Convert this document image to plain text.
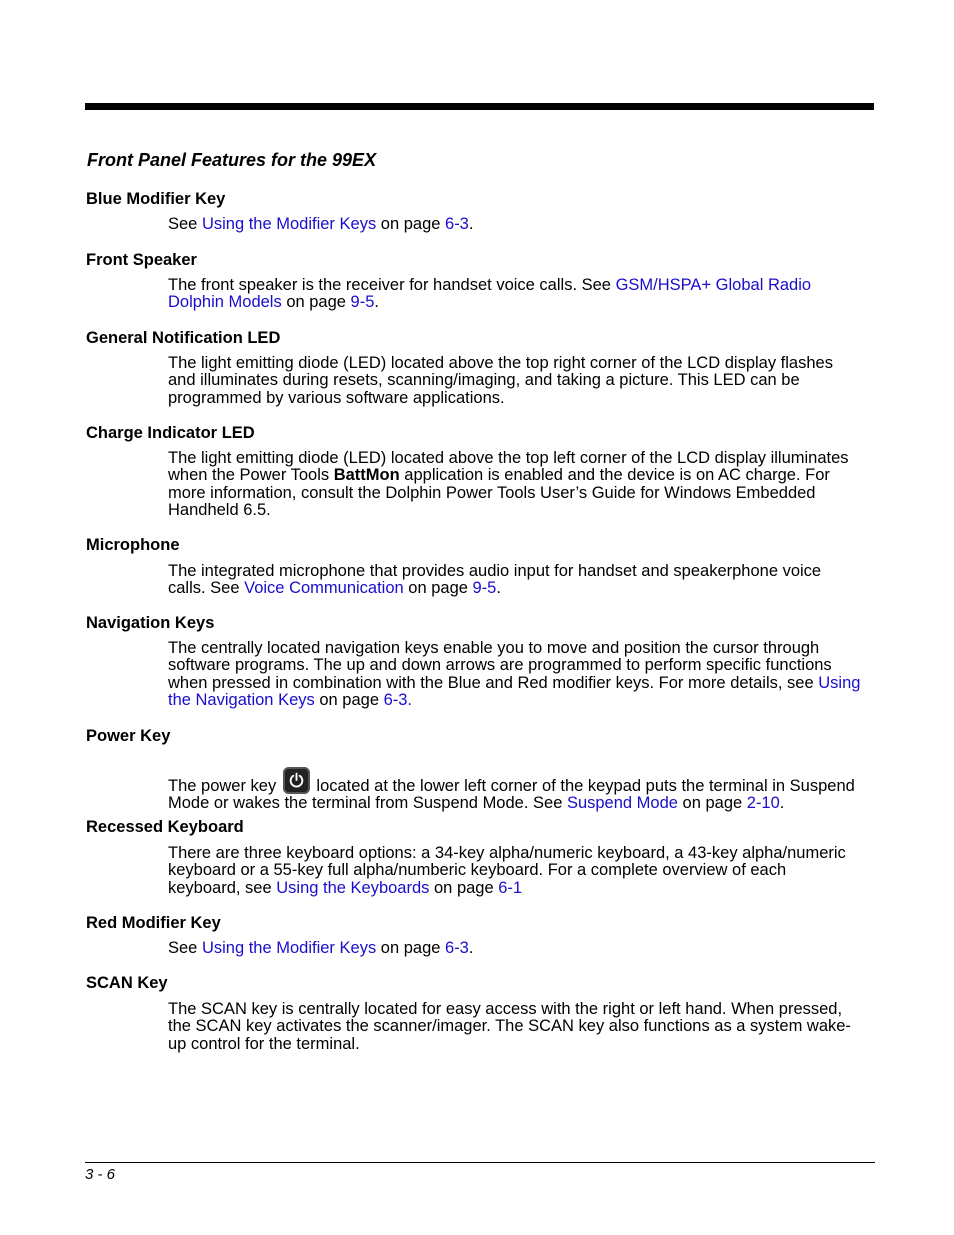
Front Panel Features for the 99EX
Blue Modifier Key

See Using the Modifier Keys on page 6-3.

Front Speaker

The front speaker is the receiver for handset voice calls. See GSM/HSPA+ Global Radio
Dolphin Models on page 9-5.

General Notification LED

The light emitting diode (LED) located above the top right corner of the LCD display flashes
and illuminates during resets, scanning/imaging, and taking a picture. This LED can be
programmed by various software applications.

Charge Indicator LED

The light emitting diode (LED) located above the top left corner of the LCD display illuminates
when the Power Tools BattMon application is enabled and the device is on AC charge. For
more information, consult the Dolphin Power Tools User’s Guide for Windows Embedded
Handheld 6.5.

Microphone

The integrated microphone that provides audio input for handset and speakerphone voice
calls. See Voice Communication on page 9-5.

Navigation Keys

The centrally located navigation keys enable you to move and position the cursor through
software programs. The up and down arrows are programmed to perform specific functions
when pressed in combination with the Blue and Red modifier keys. For more details, see Using
the Navigation Keys on page 6-3.

Power Key

The power key
located at the lower left corner of the keypad puts the terminal in Suspend
Mode or wakes the terminal from Suspend Mode. See Suspend Mode on page 2-10.

Recessed Keyboard

There are three keyboard options: a 34-key alpha/numeric keyboard, a 43-key alpha/numeric
keyboard or a 55-key full alpha/numberic keyboard. For a complete overview of each
keyboard, see Using the Keyboards on page 6-1

Red Modifier Key

See Using the Modifier Keys on page 6-3.

SCAN Key

The SCAN key is centrally located for easy access with the right or left hand. When pressed,
the SCAN key activates the scanner/imager. The SCAN key also functions as a system wake-
up control for the terminal.

3 - 6
